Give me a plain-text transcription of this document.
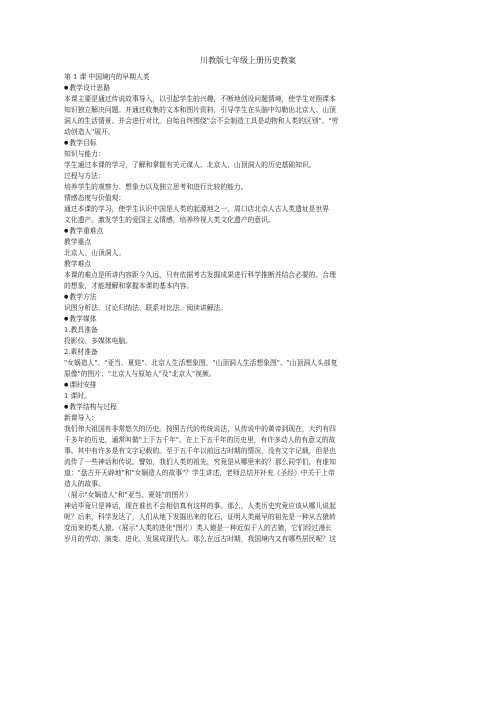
川教版七年级上册历史教案
第 1 课 中国境内的早期人类
● 教学设计思路
本课主要是通过传说故事导入，以引起学生的兴趣，不断地创设问题情境，使学生对照课本
知识独立解决问题。并通过收集的文本和图片资料，引导学生在头脑中勾勒出北京人、山顶
洞人的生活情景。并会进行对比。自始自终围绕"会不会制造工具是动物和人类的区别"、"劳
动创造人"展开。
● 教学目标
知识与能力：
学生通过本课的学习，了解和掌握有关元谋人、北京人、山顶洞人的历史基础知识。
过程与方法：
培养学生的观察力、想象力以及独立思考和进行比较的能力。
情感态度与价值观：
通过本课的学习，使学生认识中国是人类的起源地之一，周口店北京人古人类遗址是世界
文化遗产。激发学生的爱国主义情感，培养珍视人类文化遗产的意识。
● 教学重难点
教学重点
北京人、山顶洞人。
教学难点
本课的难点是所讲内容距今久远，只有依据考古发掘成果进行科学推断并结合必要的、合理
的想象，才能理解和掌握本课的基本内容。
● 教学方法
识图分析法、讨论归纳法、联系对比法、阅读讲解法。
● 教学媒体
1.教具准备
投影仪、多媒体电脑。
2.素材准备
"女娲造人"、"亚当、夏娃"、北京人生活想象图、"山顶洞人生活想象图"、"山顶洞人头部复
原像"的图片；"北京人与原始人"及"北京人"视频。
● 课时安排
1 课时。
● 教学结构与过程
新课导入：
我们伟大祖国有非常悠久的历史。按照古代的传统说法，从传说中的黄帝到现在，大约有四
千多年的历史，通常叫做"上下五千年"。在上下五千年的历史里，有许多动人的有意义的故
事。其中有许多是有文字记载的。至于五千年以前远古时期的情况，没有文字记载，但是也
流传了一些神话和传说。譬如，我们人类的祖先，究竟是从哪里来的？那么同学们，有谁知
道："盘古开天辟地"和"女娲造人的故事"？学生讲述，老师总结并补充《圣经》中关于上帝
造人的故事。
（展示"女娲造人"和"亚当、夏娃"的图片）
神话毕竟只是神话，现在谁也不会相信真有这样的事。那么，人类历史究竟应该从哪儿说起
呢？后来，科学发达了，人们从地下发掘出来的化石，证明人类最早的祖先是一种从古猿转
变而来的类人猿。（展示"人类的进化"图片）类人猿是一种近似于人的古猿，它们经过漫长
岁月的劳动、演变、进化、发展成现代人。那么在远古时期，我国境内又有哪些居民呢？这
